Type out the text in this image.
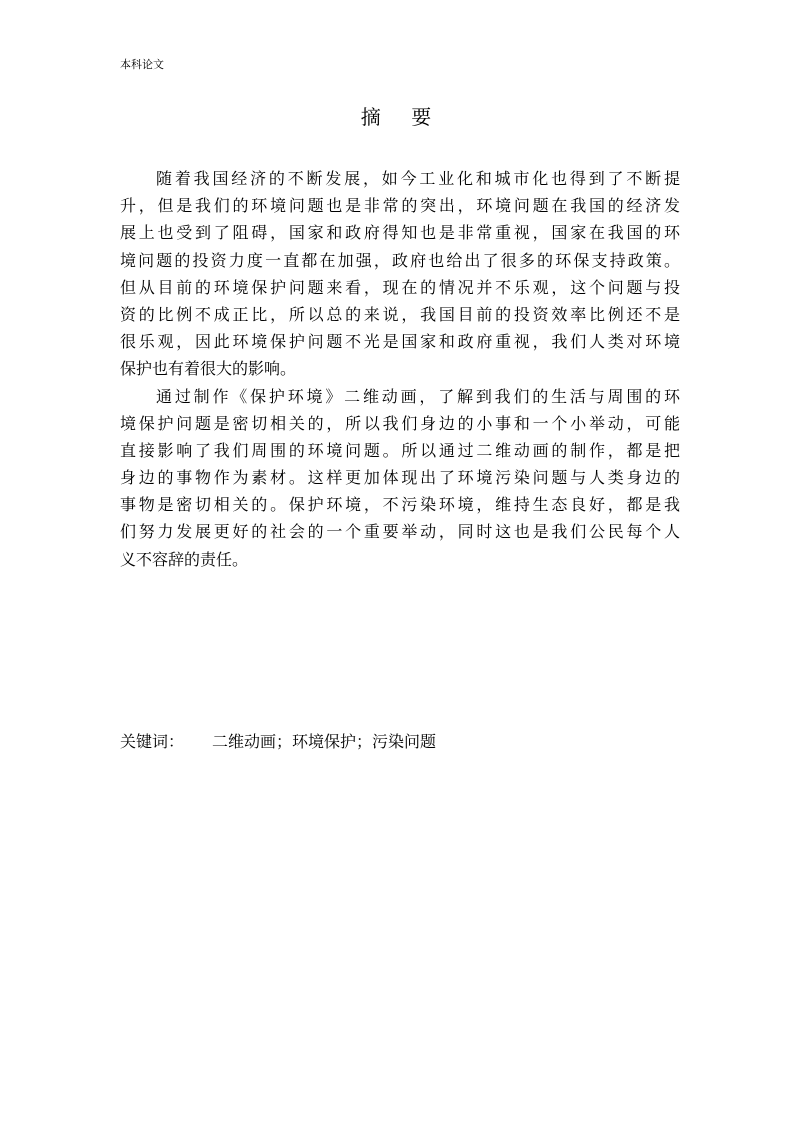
本科论文
摘    要
随着我国经济的不断发展，如今工业化和城市化也得到了不断提
升，但是我们的环境问题也是非常的突出，环境问题在我国的经济发
展上也受到了阻碍，国家和政府得知也是非常重视，国家在我国的环
境问题的投资力度一直都在加强，政府也给出了很多的环保支持政策。
但从目前的环境保护问题来看，现在的情况并不乐观，这个问题与投
资的比例不成正比，所以总的来说，我国目前的投资效率比例还不是
很乐观，因此环境保护问题不光是国家和政府重视，我们人类对环境
保护也有着很大的影响。
通过制作《保护环境》二维动画，了解到我们的生活与周围的环
境保护问题是密切相关的，所以我们身边的小事和一个小举动，可能
直接影响了我们周围的环境问题。所以通过二维动画的制作，都是把
身边的事物作为素材。这样更加体现出了环境污染问题与人类身边的
事物是密切相关的。保护环境，不污染环境，维持生态良好，都是我
们努力发展更好的社会的一个重要举动，同时这也是我们公民每个人
义不容辞的责任。
关键词： 二维动画；环境保护；污染问题
